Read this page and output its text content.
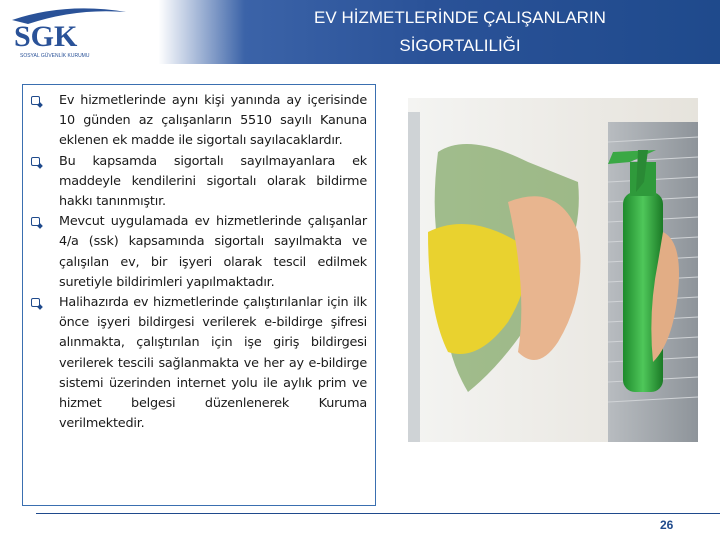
SGK
SOSYAL GÜVENLİK KURUMU
EV HİZMETLERİNDE ÇALIŞANLARIN
SİGORTALILIĞI
Ev hizmetlerinde aynı kişi yanında ay içerisinde 10 günden az çalışanların 5510 sayılı Kanuna eklenen ek madde ile sigortalı sayılacaklardır.
Bu kapsamda sigortalı sayılmayanlara ek maddeyle kendilerini sigortalı olarak bildirme hakkı tanınmıştır.
Mevcut uygulamada ev hizmetlerinde çalışanlar 4/a (ssk) kapsamında sigortalı sayılmakta ve çalışılan ev, bir işyeri olarak tescil edilmek suretiyle bildirimleri yapılmaktadır.
Halihazırda ev hizmetlerinde çalıştırılanlar için ilk önce işyeri bildirgesi verilerek e-bildirge şifresi alınmakta, çalıştırılan için işe giriş bildirgesi verilerek tescili sağlanmakta ve her ay e-bildirge sistemi üzerinden internet yolu ile aylık prim ve hizmet belgesi düzenlenerek Kuruma verilmektedir.
26
